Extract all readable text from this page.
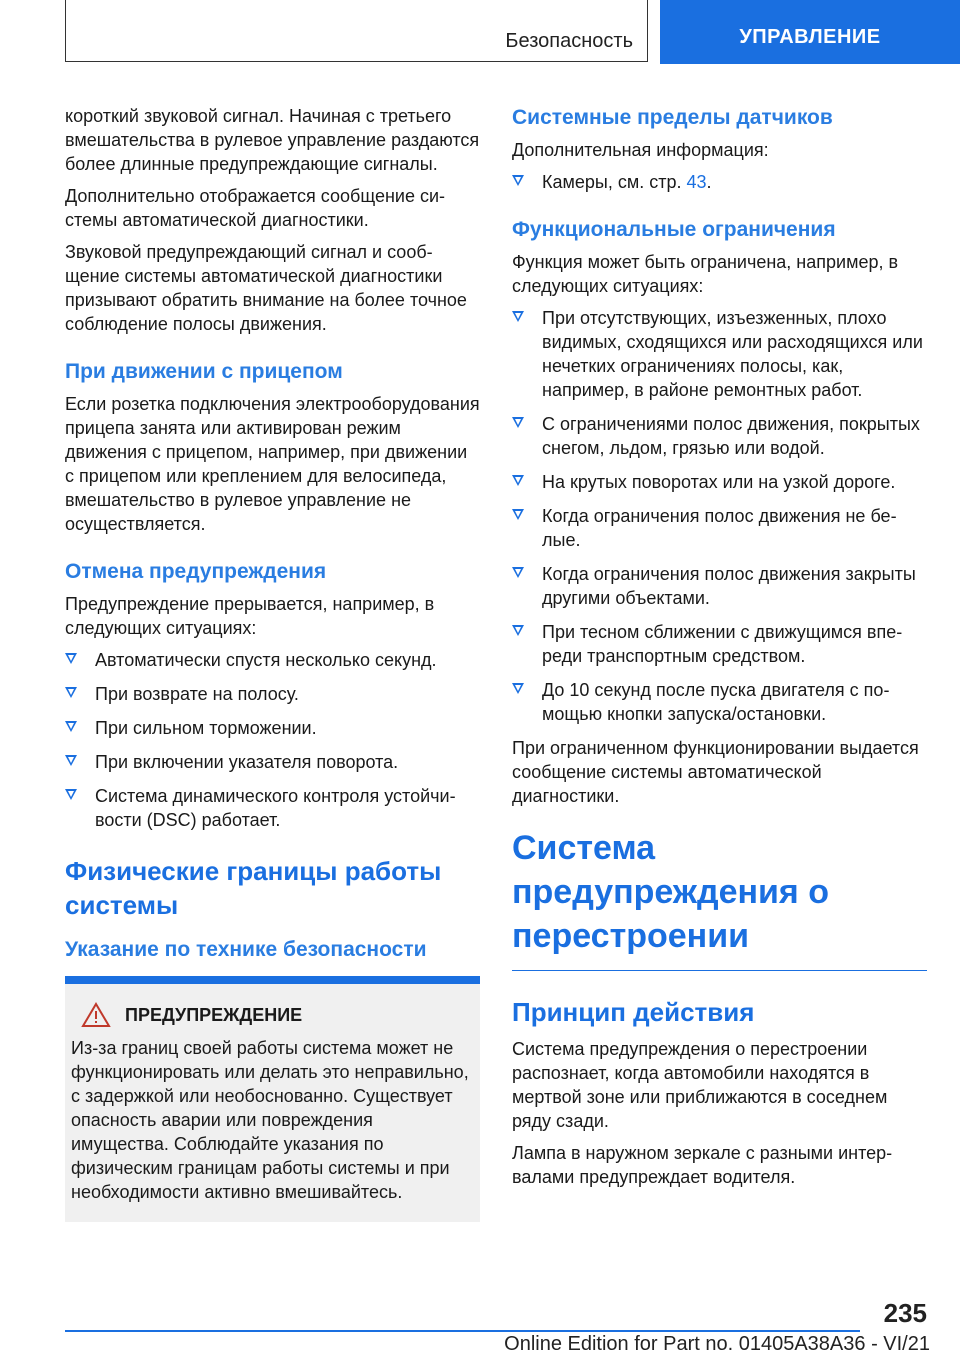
Безопасность	УПРАВЛЕНИЕ

короткий звуковой сигнал. Начиная с третьего вмешательства в рулевое управление раздаются более длинные предупреждающие сигналы.

Дополнительно отображается сообщение системы автоматической диагностики.

Звуковой предупреждающий сигнал и сообщение системы автоматической диагностики призывают обратить внимание на более точное соблюдение полосы движения.

При движении с прицепом

Если розетка подключения электрооборудования прицепа занята или активирован режим движения с прицепом, например, при движении с прицепом или креплением для велосипеда, вмешательство в рулевое управление не осуществляется.

Отмена предупреждения

Предупреждение прерывается, например, в следующих ситуациях:

Автоматически спустя несколько секунд.
При возврате на полосу.
При сильном торможении.
При включении указателя поворота.
Система динамического контроля устойчивости (DSC) работает.
Физические границы работы системы
Указание по технике безопасности
ПРЕДУПРЕЖДЕНИЕ

Из-за границ своей работы система может не функционировать или делать это неправильно, с задержкой или необоснованно. Существует опасность аварии или повреждения имущества. Соблюдайте указания по физическим границам работы системы и при необходимости активно вмешивайтесь.

Системные пределы датчиков

Дополнительная информация:

Камеры, см. стр. 43.
Функциональные ограничения

Функция может быть ограничена, например, в следующих ситуациях:

При отсутствующих, изъезженных, плохо видимых, сходящихся или расходящихся или нечетких ограничениях полосы, как, например, в районе ремонтных работ.
С ограничениями полос движения, покрытых снегом, льдом, грязью или водой.
На крутых поворотах или на узкой дороге.
Когда ограничения полос движения не белые.
Когда ограничения полос движения закрыты другими объектами.
При тесном сближении с движущимся впереди транспортным средством.
До 10 секунд после пуска двигателя с помощью кнопки запуска/остановки.

При ограниченном функционировании выдается сообщение системы автоматической диагностики.

Система предупреждения о перестроении
Принцип действия

Система предупреждения о перестроении распознает, когда автомобили находятся в мертвой зоне или приближаются в соседнем ряду сзади.

Лампа в наружном зеркале с разными интервалами предупреждает водителя.

235
Online Edition for Part no. 01405A38A36 - VI/21
